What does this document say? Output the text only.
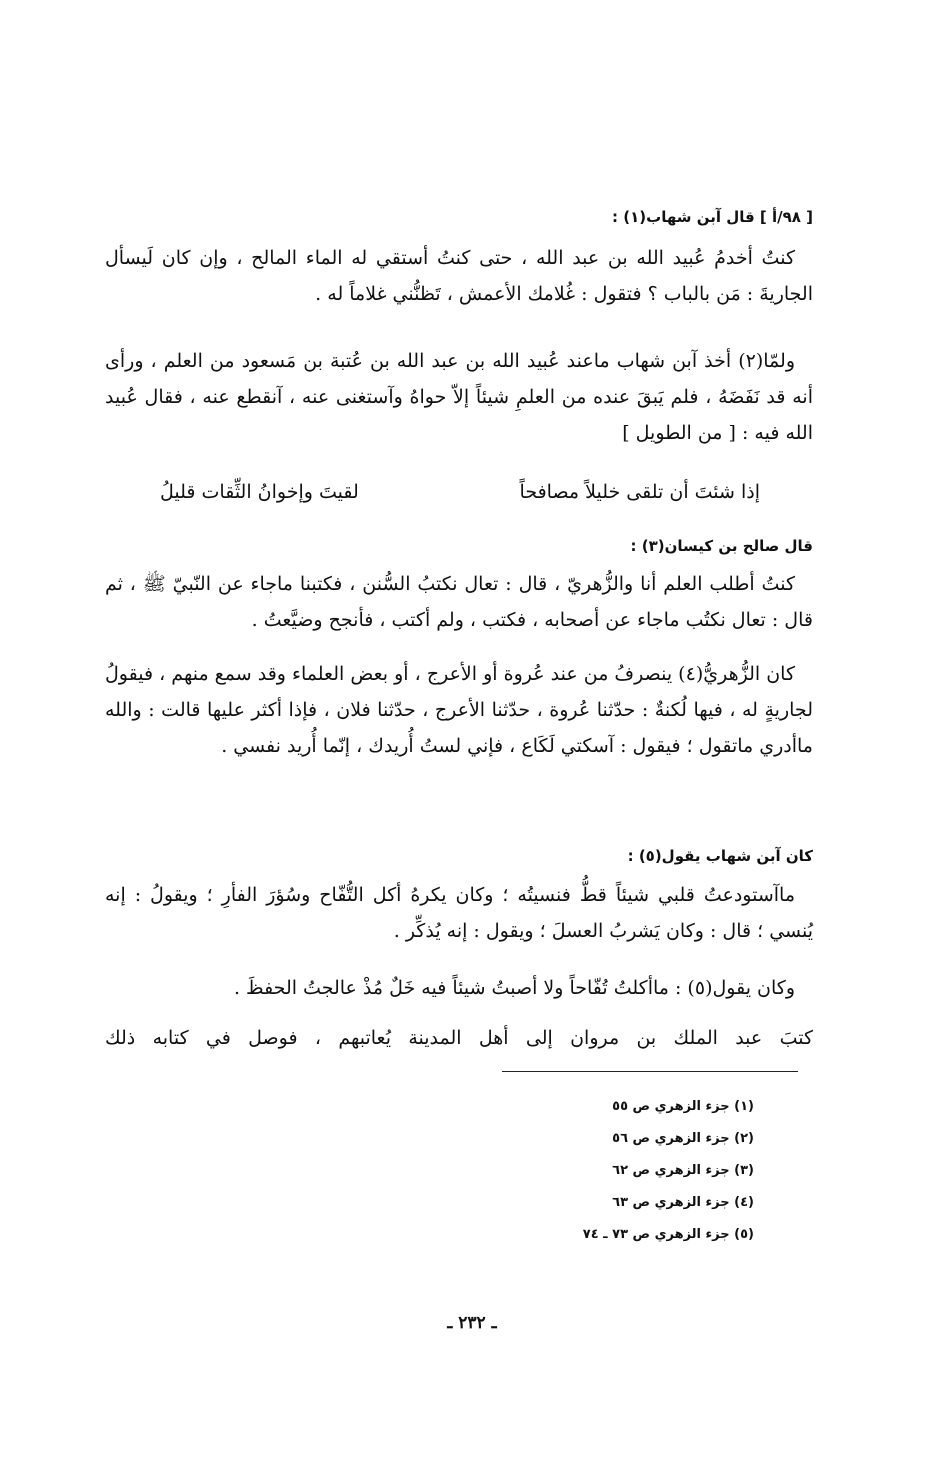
[ ٩٨/أ ] قال آبن شهاب(١) :

كنتُ أخدمُ عُبيد الله بن عبد الله ، حتى كنتُ أستقي له الماء المالح ، وإن كان لَيسأل الجاريةَ : مَن بالباب ؟ فتقول : غُلامك الأعمش ، تَظنُّني غلاماً له .

ولمّا(٢) أخذ آبن شهاب ماعند عُبيد الله بن عبد الله بن عُتبة بن مَسعود من العلم ، ورأى أنه قد نَفَضَهُ ، فلم يَبقَ عنده من العلمِ شيئاً إلاّ حواهُ وآستغنى عنه ، آنقطع عنه ، فقال عُبيد الله فيه : [ من الطويل ]

إذا شئتَ أن تلقى خليلاً مصافحاً
لقيتَ وإخوانُ الثِّقات قليلُ
قال صالح بن كيسان(٣) :

كنتُ أطلب العلم أنا والزُّهريّ ، قال : تعال نكتبُ السُّنن ، فكتبنا ماجاء عن النّبيّ ﷺ ، ثم قال : تعال نكتُب ماجاء عن أصحابه ، فكتب ، ولم أكتب ، فأنجح وضيَّعتُ .

كان الزُّهريُّ(٤) ينصرفُ من عند عُروة أو الأعرج ، أو بعض العلماء وقد سمع منهم ، فيقولُ لجاريةٍ له ، فيها لُكنةٌ : حدّثنا عُروة ، حدّثنا الأعرج ، حدّثنا فلان ، فإذا أكثر عليها قالت : والله ماأدري ماتقول ؛ فيقول : آسكتي لَكَاع ، فإني لستُ أُريدك ، إنّما أُريد نفسي .

كان آبن شهاب يقول(٥) :

ماآستودعتُ قلبي شيئاً قطُّ فنسيتُه ؛ وكان يكرهُ أكل التُّفّاح وسُؤرَ الفأرِ ؛ ويقولُ : إنه يُنسي ؛ قال : وكان يَشربُ العسلَ ؛ ويقول : إنه يُذكِّر .

وكان يقول(٥) : ماأكلتُ تُفّاحاً ولا أصبتُ شيئاً فيه خَلٌ مُذْ عالجتُ الحفظَ .

كتبَ عبد الملك بن مروان إلى أهل المدينة يُعاتبهم ، فوصل في كتابه ذلك

(١) جزء الزهري ص ٥٥
(٢) جزء الزهري ص ٥٦
(٣) جزء الزهري ص ٦٢
(٤) جزء الزهري ص ٦٣
(٥) جزء الزهري ص ٧٣ ـ ٧٤
ـ ٢٣٢ ـ
